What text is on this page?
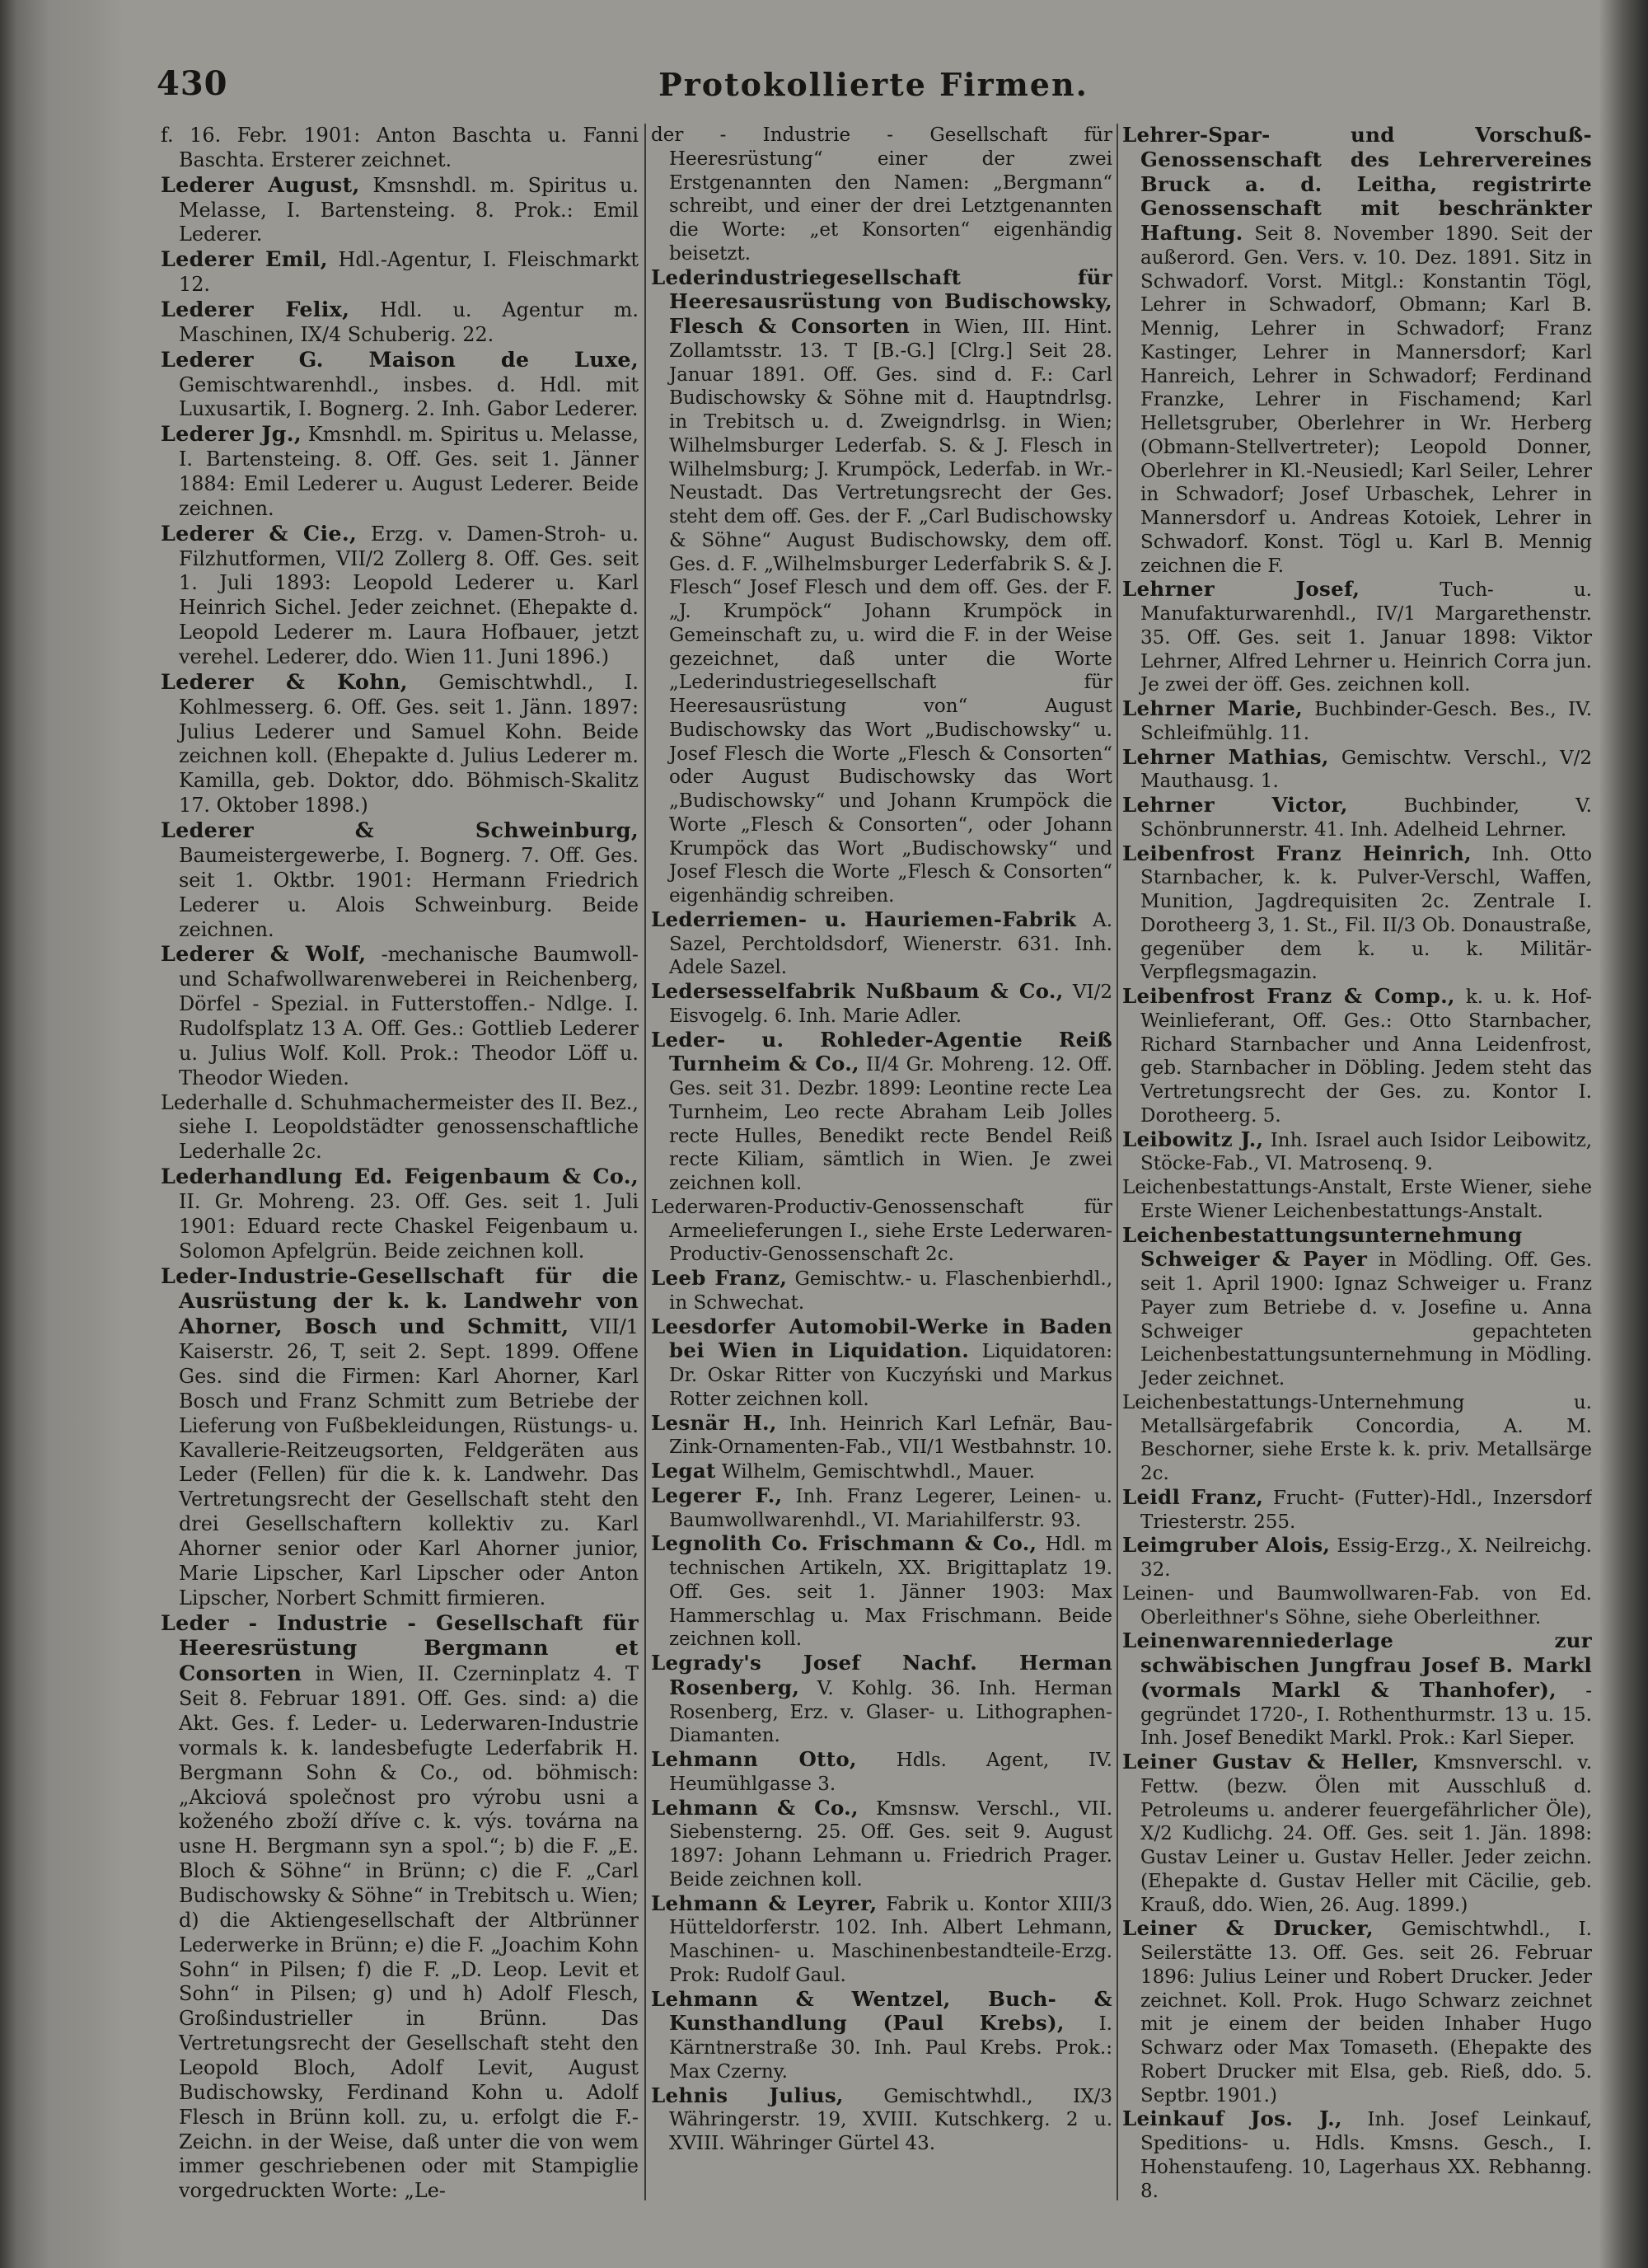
430	Protokollierte Firmen.

f. 16. Febr. 1901: Anton Baschta u. Fanni Baschta. Ersterer zeichnet.

Lederer August, Kmsnshdl. m. Spiritus u. Melasse, I. Bartensteing. 8. Prok.: Emil Lederer.

Lederer Emil, Hdl.-Agentur, I. Fleischmarkt 12.

Lederer Felix, Hdl. u. Agentur m. Maschinen, IX/4 Schuberig. 22.

Lederer G. Maison de Luxe, Gemischtwarenhdl., insbes. d. Hdl. mit Luxusartik, I. Bognerg. 2. Inh. Gabor Lederer.

Lederer Jg., Kmsnhdl. m. Spiritus u. Melasse, I. Bartensteing. 8. Off. Ges. seit 1. Jänner 1884: Emil Lederer u. August Lederer. Beide zeichnen.

Lederer & Cie., Erzg. v. Damen-Stroh- u. Filzhutformen, VII/2 Zollerg 8. Off. Ges. seit 1. Juli 1893: Leopold Lederer u. Karl Heinrich Sichel. Jeder zeichnet. (Ehepakte d. Leopold Lederer m. Laura Hofbauer, jetzt verehel. Lederer, ddo. Wien 11. Juni 1896.)

Lederer & Kohn, Gemischtwhdl., I. Kohlmesserg. 6. Off. Ges. seit 1. Jänn. 1897: Julius Lederer und Samuel Kohn. Beide zeichnen koll. (Ehepakte d. Julius Lederer m. Kamilla, geb. Doktor, ddo. Böhmisch-Skalitz 17. Oktober 1898.)

Lederer & Schweinburg, Baumeistergewerbe, I. Bognerg. 7. Off. Ges. seit 1. Oktbr. 1901: Hermann Friedrich Lederer u. Alois Schweinburg. Beide zeichnen.

Lederer & Wolf, -mechanische Baumwoll- und Schafwollwarenweberei in Reichenberg, Dörfel - Spezial. in Futterstoffen.- Ndlge. I. Rudolfsplatz 13 A. Off. Ges.: Gottlieb Lederer u. Julius Wolf. Koll. Prok.: Theodor Löff u. Theodor Wieden.

Lederhalle d. Schuhmachermeister des II. Bez., siehe I. Leopoldstädter genossenschaftliche Lederhalle 2c.

Lederhandlung Ed. Feigenbaum & Co., II. Gr. Mohreng. 23. Off. Ges. seit 1. Juli 1901: Eduard recte Chaskel Feigenbaum u. Solomon Apfelgrün. Beide zeichnen koll.

Leder-Industrie-Gesellschaft für die Ausrüstung der k. k. Landwehr von Ahorner, Bosch und Schmitt, VII/1 Kaiserstr. 26, T, seit 2. Sept. 1899. Offene Ges. sind die Firmen: Karl Ahorner, Karl Bosch und Franz Schmitt zum Betriebe der Lieferung von Fußbekleidungen, Rüstungs- u. Kavallerie-Reitzeugsorten, Feldgeräten aus Leder (Fellen) für die k. k. Landwehr. Das Vertretungsrecht der Gesellschaft steht den drei Gesellschaftern kollektiv zu. Karl Ahorner senior oder Karl Ahorner junior, Marie Lipscher, Karl Lipscher oder Anton Lipscher, Norbert Schmitt firmieren.

Leder - Industrie - Gesellschaft für Heeresrüstung Bergmann et Consorten in Wien, II. Czerninplatz 4. T Seit 8. Februar 1891. Off. Ges. sind: a) die Akt. Ges. f. Leder- u. Lederwaren-Industrie vormals k. k. landesbefugte Lederfabrik H. Bergmann Sohn & Co., od. böhmisch: „Akciová společnost pro výrobu usni a koženého zboží dříve c. k. výs. továrna na usne H. Bergmann syn a spol.“; b) die F. „E. Bloch & Söhne“ in Brünn; c) die F. „Carl Budischowsky & Söhne“ in Trebitsch u. Wien; d) die Aktiengesellschaft der Altbrünner Lederwerke in Brünn; e) die F. „Joachim Kohn Sohn“ in Pilsen; f) die F. „D. Leop. Levit et Sohn“ in Pilsen; g) und h) Adolf Flesch, Großindustrieller in Brünn. Das Vertretungsrecht der Gesellschaft steht den Leopold Bloch, Adolf Levit, August Budischowsky, Ferdinand Kohn u. Adolf Flesch in Brünn koll. zu, u. erfolgt die F.-Zeichn. in der Weise, daß unter die von wem immer geschriebenen oder mit Stampiglie vorgedruckten Worte: „Le-

der - Industrie - Gesellschaft für Heeresrüstung“ einer der zwei Erstgenannten den Namen: „Bergmann“ schreibt, und einer der drei Letztgenannten die Worte: „et Konsorten“ eigenhändig beisetzt.

Lederindustriegesellschaft für Heeresausrüstung von Budischowsky, Flesch & Consorten in Wien, III. Hint. Zollamtsstr. 13. T [B.-G.] [Clrg.] Seit 28. Januar 1891. Off. Ges. sind d. F.: Carl Budischowsky & Söhne mit d. Hauptndrlsg. in Trebitsch u. d. Zweigndrlsg. in Wien; Wilhelmsburger Lederfab. S. & J. Flesch in Wilhelmsburg; J. Krumpöck, Lederfab. in Wr.-Neustadt. Das Vertretungsrecht der Ges. steht dem off. Ges. der F. „Carl Budischowsky & Söhne“ August Budischowsky, dem off. Ges. d. F. „Wilhelmsburger Lederfabrik S. & J. Flesch“ Josef Flesch und dem off. Ges. der F. „J. Krumpöck“ Johann Krumpöck in Gemeinschaft zu, u. wird die F. in der Weise gezeichnet, daß unter die Worte „Lederindustriegesellschaft für Heeresausrüstung von“ August Budischowsky das Wort „Budischowsky“ u. Josef Flesch die Worte „Flesch & Consorten“ oder August Budischowsky das Wort „Budischowsky“ und Johann Krumpöck die Worte „Flesch & Consorten“, oder Johann Krumpöck das Wort „Budischowsky“ und Josef Flesch die Worte „Flesch & Consorten“ eigenhändig schreiben.

Lederriemen- u. Hauriemen-Fabrik A. Sazel, Perchtoldsdorf, Wienerstr. 631. Inh. Adele Sazel.

Ledersesselfabrik Nußbaum & Co., VI/2 Eisvogelg. 6. Inh. Marie Adler.

Leder- u. Rohleder-Agentie Reiß Turnheim & Co., II/4 Gr. Mohreng. 12. Off. Ges. seit 31. Dezbr. 1899: Leontine recte Lea Turnheim, Leo recte Abraham Leib Jolles recte Hulles, Benedikt recte Bendel Reiß recte Kiliam, sämtlich in Wien. Je zwei zeichnen koll.

Lederwaren-Productiv-Genossenschaft für Armeelieferungen I., siehe Erste Lederwaren-Productiv-Genossenschaft 2c.

Leeb Franz, Gemischtw.- u. Flaschenbierhdl., in Schwechat.

Leesdorfer Automobil-Werke in Baden bei Wien in Liquidation. Liquidatoren: Dr. Oskar Ritter von Kuczyński und Markus Rotter zeichnen koll.

Lesnär H., Inh. Heinrich Karl Lefnär, Bau-Zink-Ornamenten-Fab., VII/1 Westbahnstr. 10.

Legat Wilhelm, Gemischtwhdl., Mauer.

Legerer F., Inh. Franz Legerer, Leinen- u. Baumwollwarenhdl., VI. Mariahilferstr. 93.

Legnolith Co. Frischmann & Co., Hdl. m technischen Artikeln, XX. Brigittaplatz 19. Off. Ges. seit 1. Jänner 1903: Max Hammerschlag u. Max Frischmann. Beide zeichnen koll.

Legrady's Josef Nachf. Herman Rosenberg, V. Kohlg. 36. Inh. Herman Rosenberg, Erz. v. Glaser- u. Lithographen-Diamanten.

Lehmann Otto, Hdls. Agent, IV. Heumühlgasse 3.

Lehmann & Co., Kmsnsw. Verschl., VII. Siebensterng. 25. Off. Ges. seit 9. August 1897: Johann Lehmann u. Friedrich Prager. Beide zeichnen koll.

Lehmann & Leyrer, Fabrik u. Kontor XIII/3 Hütteldorferstr. 102. Inh. Albert Lehmann, Maschinen- u. Maschinenbestandteile-Erzg. Prok: Rudolf Gaul.

Lehmann & Wentzel, Buch- & Kunsthandlung (Paul Krebs), I. Kärntnerstraße 30. Inh. Paul Krebs. Prok.: Max Czerny.

Lehnis Julius, Gemischtwhdl., IX/3 Währingerstr. 19, XVIII. Kutschkerg. 2 u. XVIII. Währinger Gürtel 43.

Lehrer-Spar- und Vorschuß-Genossenschaft des Lehrervereines Bruck a. d. Leitha, registrirte Genossenschaft mit beschränkter Haftung. Seit 8. November 1890. Seit der außerord. Gen. Vers. v. 10. Dez. 1891. Sitz in Schwadorf. Vorst. Mitgl.: Konstantin Tögl, Lehrer in Schwadorf, Obmann; Karl B. Mennig, Lehrer in Schwadorf; Franz Kastinger, Lehrer in Mannersdorf; Karl Hanreich, Lehrer in Schwadorf; Ferdinand Franzke, Lehrer in Fischamend; Karl Helletsgruber, Oberlehrer in Wr. Herberg (Obmann-Stellvertreter); Leopold Donner, Oberlehrer in Kl.-Neusiedl; Karl Seiler, Lehrer in Schwadorf; Josef Urbaschek, Lehrer in Mannersdorf u. Andreas Kotoiek, Lehrer in Schwadorf. Konst. Tögl u. Karl B. Mennig zeichnen die F.

Lehrner Josef,	Tuch- u. Manufakturwarenhdl., IV/1 Margarethenstr. 35. Off. Ges. seit 1. Januar 1898: Viktor Lehrner, Alfred Lehrner u. Heinrich Corra jun. Je zwei der öff. Ges. zeichnen koll.

Lehrner Marie, Buchbinder-Gesch. Bes., IV. Schleifmühlg. 11.

Lehrner Mathias, Gemischtw. Verschl., V/2 Mauthausg. 1.

Lehrner Victor,	Buchbinder, V. Schönbrunnerstr. 41. Inh. Adelheid Lehrner.

Leibenfrost Franz Heinrich, Inh. Otto Starnbacher, k. k. Pulver-Verschl, Waffen, Munition, Jagdrequisiten 2c. Zentrale I. Dorotheerg 3, 1. St., Fil. II/3 Ob. Donaustraße, gegenüber dem k. u. k. Militär-Verpflegsmagazin.

Leibenfrost Franz & Comp., k. u. k. Hof-Weinlieferant, Off. Ges.: Otto Starnbacher, Richard Starnbacher und Anna Leidenfrost, geb. Starnbacher in Döbling. Jedem steht das Vertretungsrecht der Ges. zu. Kontor I. Dorotheerg. 5.

Leibowitz J., Inh. Israel auch Isidor Leibowitz, Stöcke-Fab., VI. Matrosenq. 9.

Leichenbestattungs-Anstalt, Erste Wiener, siehe Erste Wiener Leichenbestattungs-Anstalt.

Leichenbestattungsunternehmung Schweiger & Payer in Mödling. Off. Ges. seit 1. April 1900: Ignaz Schweiger u. Franz Payer zum Betriebe d. v. Josefine u. Anna Schweiger gepachteten Leichenbestattungsunternehmung in Mödling. Jeder zeichnet.

Leichenbestattungs-Unternehmung u. Metallsärgefabrik Concordia, A. M. Beschorner, siehe Erste k. k. priv. Metallsärge 2c.

Leidl Franz, Frucht- (Futter)-Hdl., Inzersdorf Triesterstr. 255.

Leimgruber Alois, Essig-Erzg., X. Neilreichg. 32.

Leinen- und Baumwollwaren-Fab. von Ed. Oberleithner's Söhne, siehe Oberleithner.

Leinenwarenniederlage zur schwäbischen Jungfrau Josef B. Markl (vormals Markl & Thanhofer), -gegründet 1720-, I. Rothenthurmstr. 13 u. 15. Inh. Josef Benedikt Markl. Prok.: Karl Sieper.

Leiner Gustav & Heller, Kmsnverschl. v. Fettw. (bezw. Ölen mit Ausschluß d. Petroleums u. anderer feuergefährlicher Öle), X/2 Kudlichg. 24. Off. Ges. seit 1. Jän. 1898: Gustav Leiner u. Gustav Heller. Jeder zeichn. (Ehepakte d. Gustav Heller mit Cäcilie, geb. Krauß, ddo. Wien, 26. Aug. 1899.)

Leiner & Drucker, Gemischtwhdl., I. Seilerstätte 13. Off. Ges. seit 26. Februar 1896: Julius Leiner und Robert Drucker. Jeder zeichnet. Koll. Prok. Hugo Schwarz zeichnet mit je einem der beiden Inhaber Hugo Schwarz oder Max Tomaseth. (Ehepakte des Robert Drucker mit Elsa, geb. Rieß, ddo. 5. Septbr. 1901.)

Leinkauf Jos. J., Inh. Josef Leinkauf, Speditions- u. Hdls. Kmsns. Gesch., I. Hohenstaufeng. 10, Lagerhaus XX. Rebhanng. 8.
